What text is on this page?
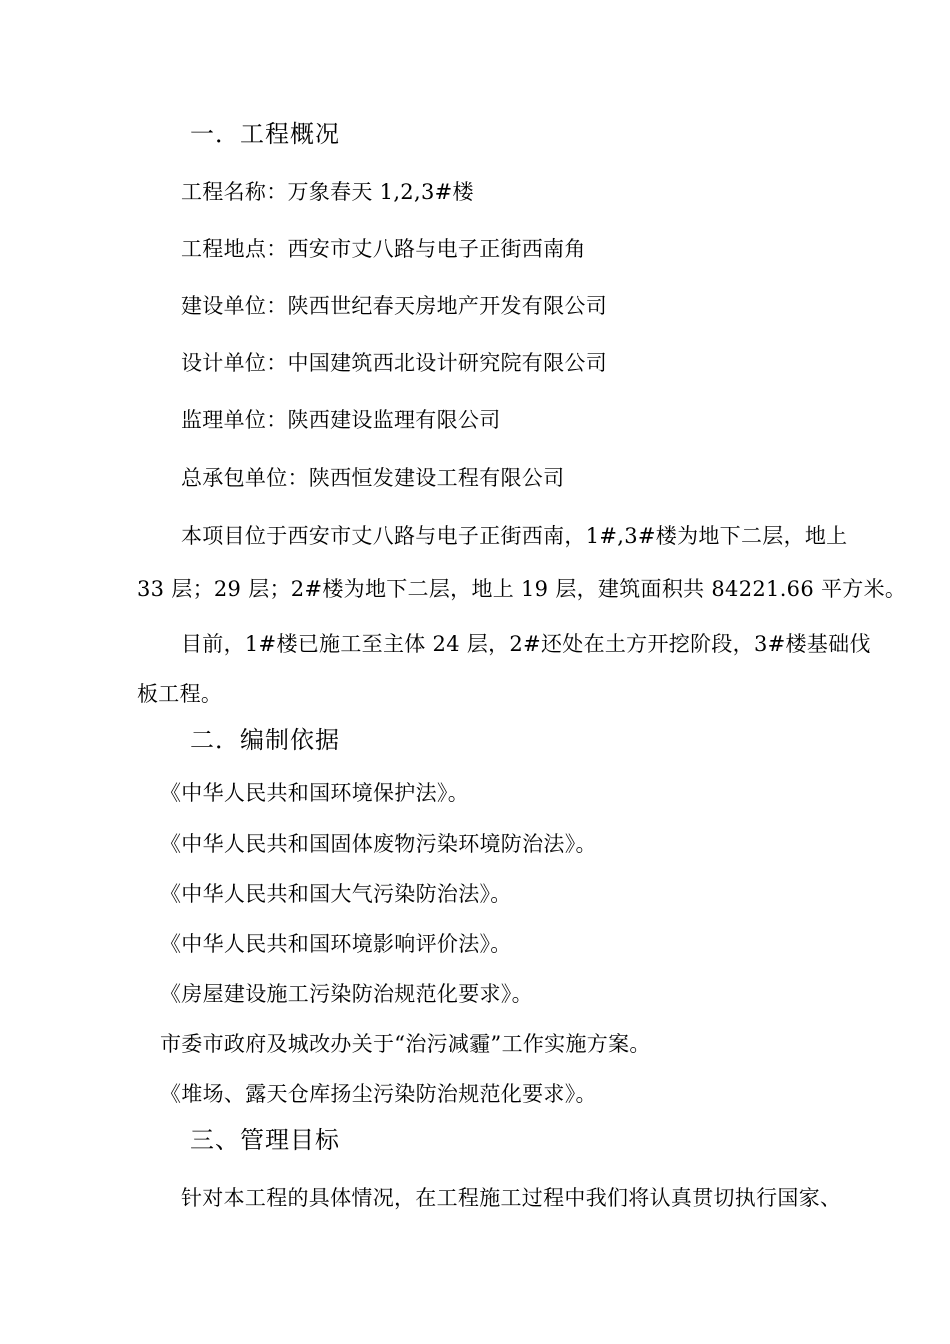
一．工程概况
工程名称：万象春天 1,2,3#楼
工程地点：西安市丈八路与电子正街西南角
建设单位：陕西世纪春天房地产开发有限公司
设计单位：中国建筑西北设计研究院有限公司
监理单位：陕西建设监理有限公司
总承包单位：陕西恒发建设工程有限公司
本项目位于西安市丈八路与电子正街西南，1#,3#楼为地下二层，地上
33 层；29 层；2#楼为地下二层，地上 19 层，建筑面积共 84221.66 平方米。
目前，1#楼已施工至主体 24 层，2#还处在土方开挖阶段，3#楼基础伐
板工程。
二．编制依据
《中华人民共和国环境保护法》。
《中华人民共和国固体废物污染环境防治法》。
《中华人民共和国大气污染防治法》。
《中华人民共和国环境影响评价法》。
《房屋建设施工污染防治规范化要求》。
市委市政府及城改办关于“治污减霾”工作实施方案。
《堆场、露天仓库扬尘污染防治规范化要求》。
三、管理目标
针对本工程的具体情况，在工程施工过程中我们将认真贯切执行国家、
